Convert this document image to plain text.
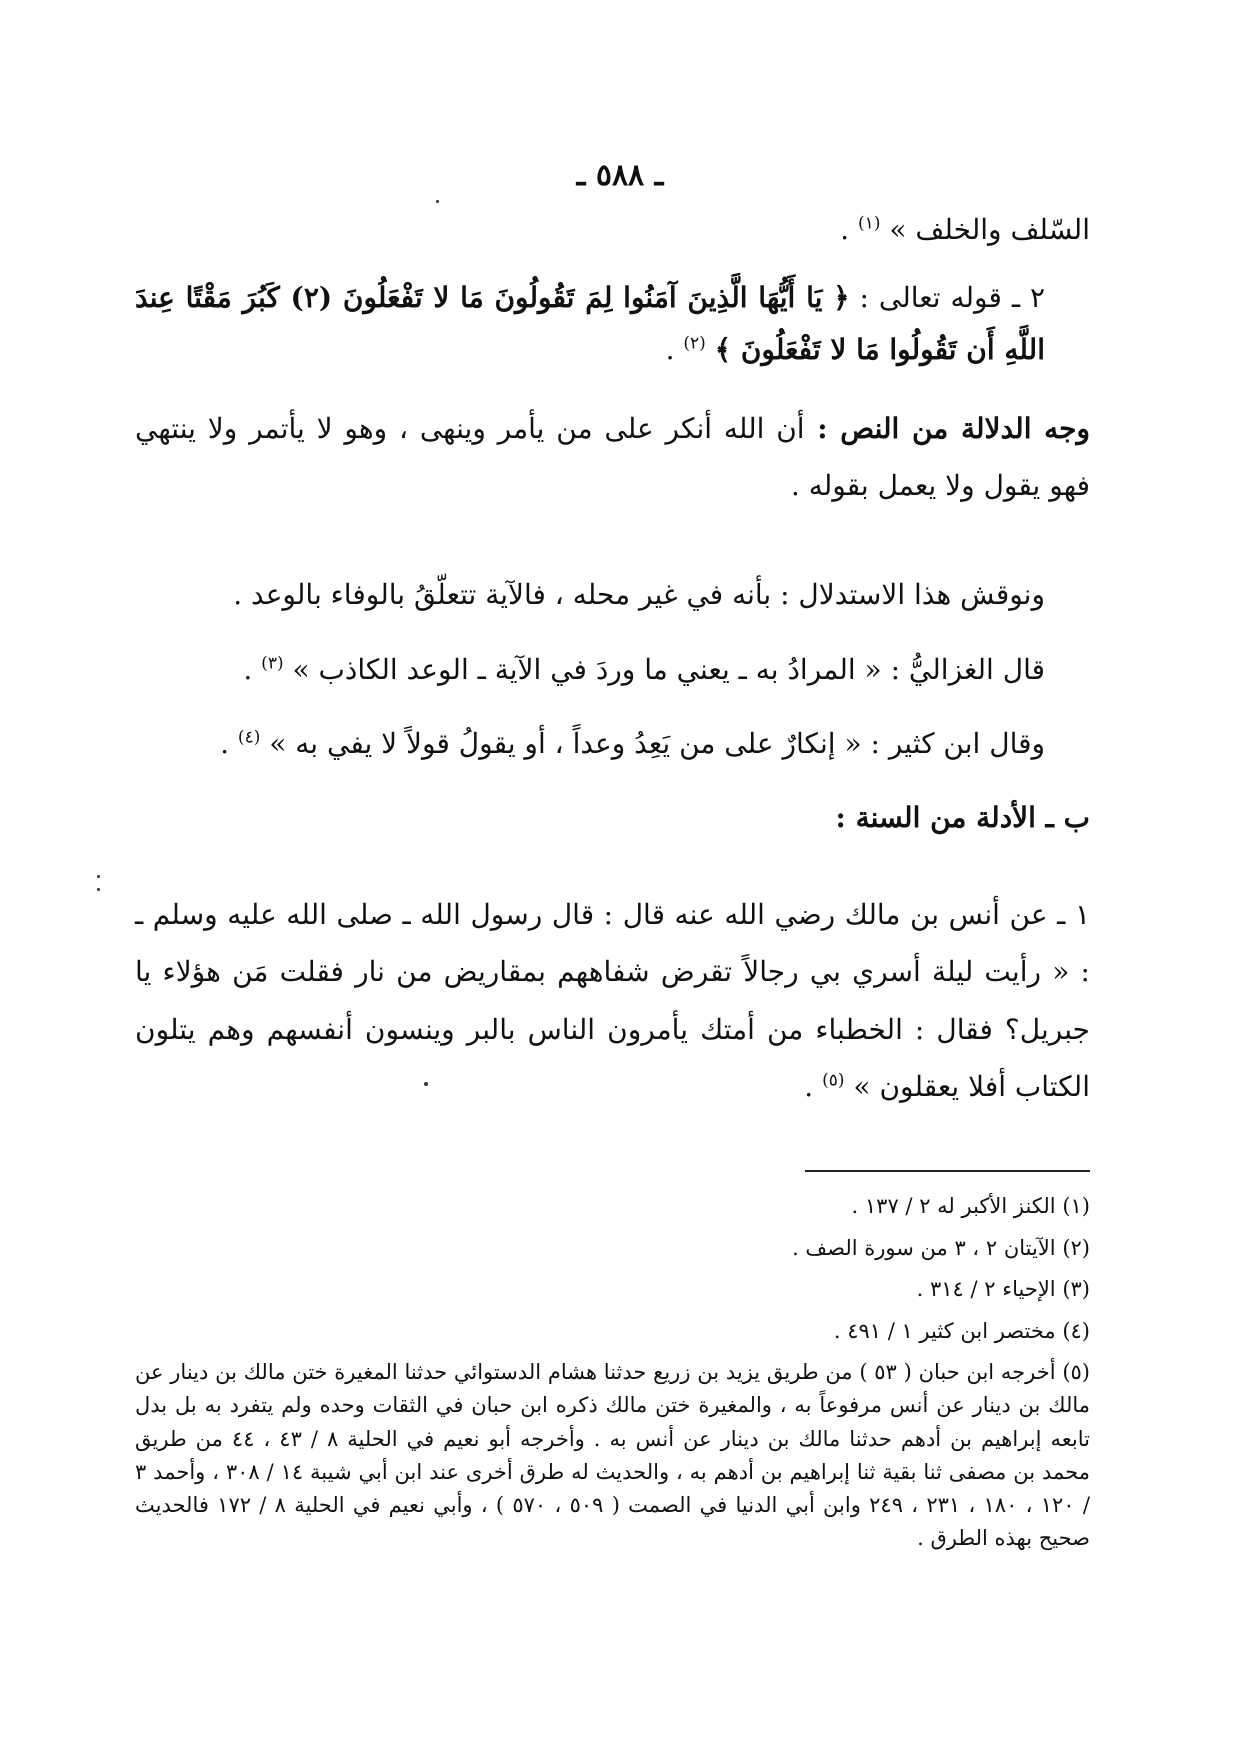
ـ ٥٨٨ ـ
السّلف والخلف » $^{(١)}$ .
٢ ـ قوله تعالى : ﴿ يَا أَيُّهَا الَّذِينَ آمَنُوا لِمَ تَقُولُونَ مَا لا تَفْعَلُونَ (٢) كَبُرَ مَقْتًا عِندَ اللَّهِ أَن تَقُولُوا مَا لا تَفْعَلُونَ ﴾ $^{(٢)}$ .
وجه الدلالة من النص : أن الله أنكر على من يأمر وينهى ، وهو لا يأتمر ولا ينتهي فهو يقول ولا يعمل بقوله .
ونوقش هذا الاستدلال : بأنه في غير محله ، فالآية تتعلّقُ بالوفاء بالوعد .
قال الغزاليُّ : « المرادُ به ـ يعني ما وردَ في الآية ـ الوعد الكاذب » $^{(٣)}$ .
وقال ابن كثير : « إنكارٌ على من يَعِدُ وعداً ، أو يقولُ قولاً لا يفي به » $^{(٤)}$ .
ب ـ الأدلة من السنة :
١ ـ عن أنس بن مالك رضي الله عنه قال : قال رسول الله ـ صلى الله عليه وسلم ـ : « رأيت ليلة أسري بي رجالاً تقرض شفاههم بمقاريض من نار فقلت مَن هؤلاء يا جبريل؟ فقال : الخطباء من أمتك يأمرون الناس بالبر وينسون أنفسهم وهم يتلون الكتاب أفلا يعقلون » $^{(٥)}$ .
(١) الكنز الأكبر له ٢ / ١٣٧ .
(٢) الآيتان ٢ ، ٣ من سورة الصف .
(٣) الإحياء ٢ / ٣١٤ .
(٤) مختصر ابن كثير ١ / ٤٩١ .
(٥) أخرجه ابن حبان ( ٥٣ ) من طريق يزيد بن زريع حدثنا هشام الدستوائي حدثنا المغيرة ختن مالك بن دينار عن مالك بن دينار عن أنس مرفوعاً به ، والمغيرة ختن مالك ذكره ابن حبان في الثقات وحده ولم يتفرد به بل بدل تابعه إبراهيم بن أدهم حدثنا مالك بن دينار عن أنس به . وأخرجه أبو نعيم في الحلية ٨ / ٤٣ ، ٤٤ من طريق محمد بن مصفى ثنا بقية ثنا إبراهيم بن أدهم به ، والحديث له طرق أخرى عند ابن أبي شيبة ١٤ / ٣٠٨ ، وأحمد ٣ / ١٢٠ ، ١٨٠ ، ٢٣١ ، ٢٤٩ وابن أبي الدنيا في الصمت ( ٥٠٩ ، ٥٧٠ ) ، وأبي نعيم في الحلية ٨ / ١٧٢ فالحديث صحيح بهذه الطرق .
